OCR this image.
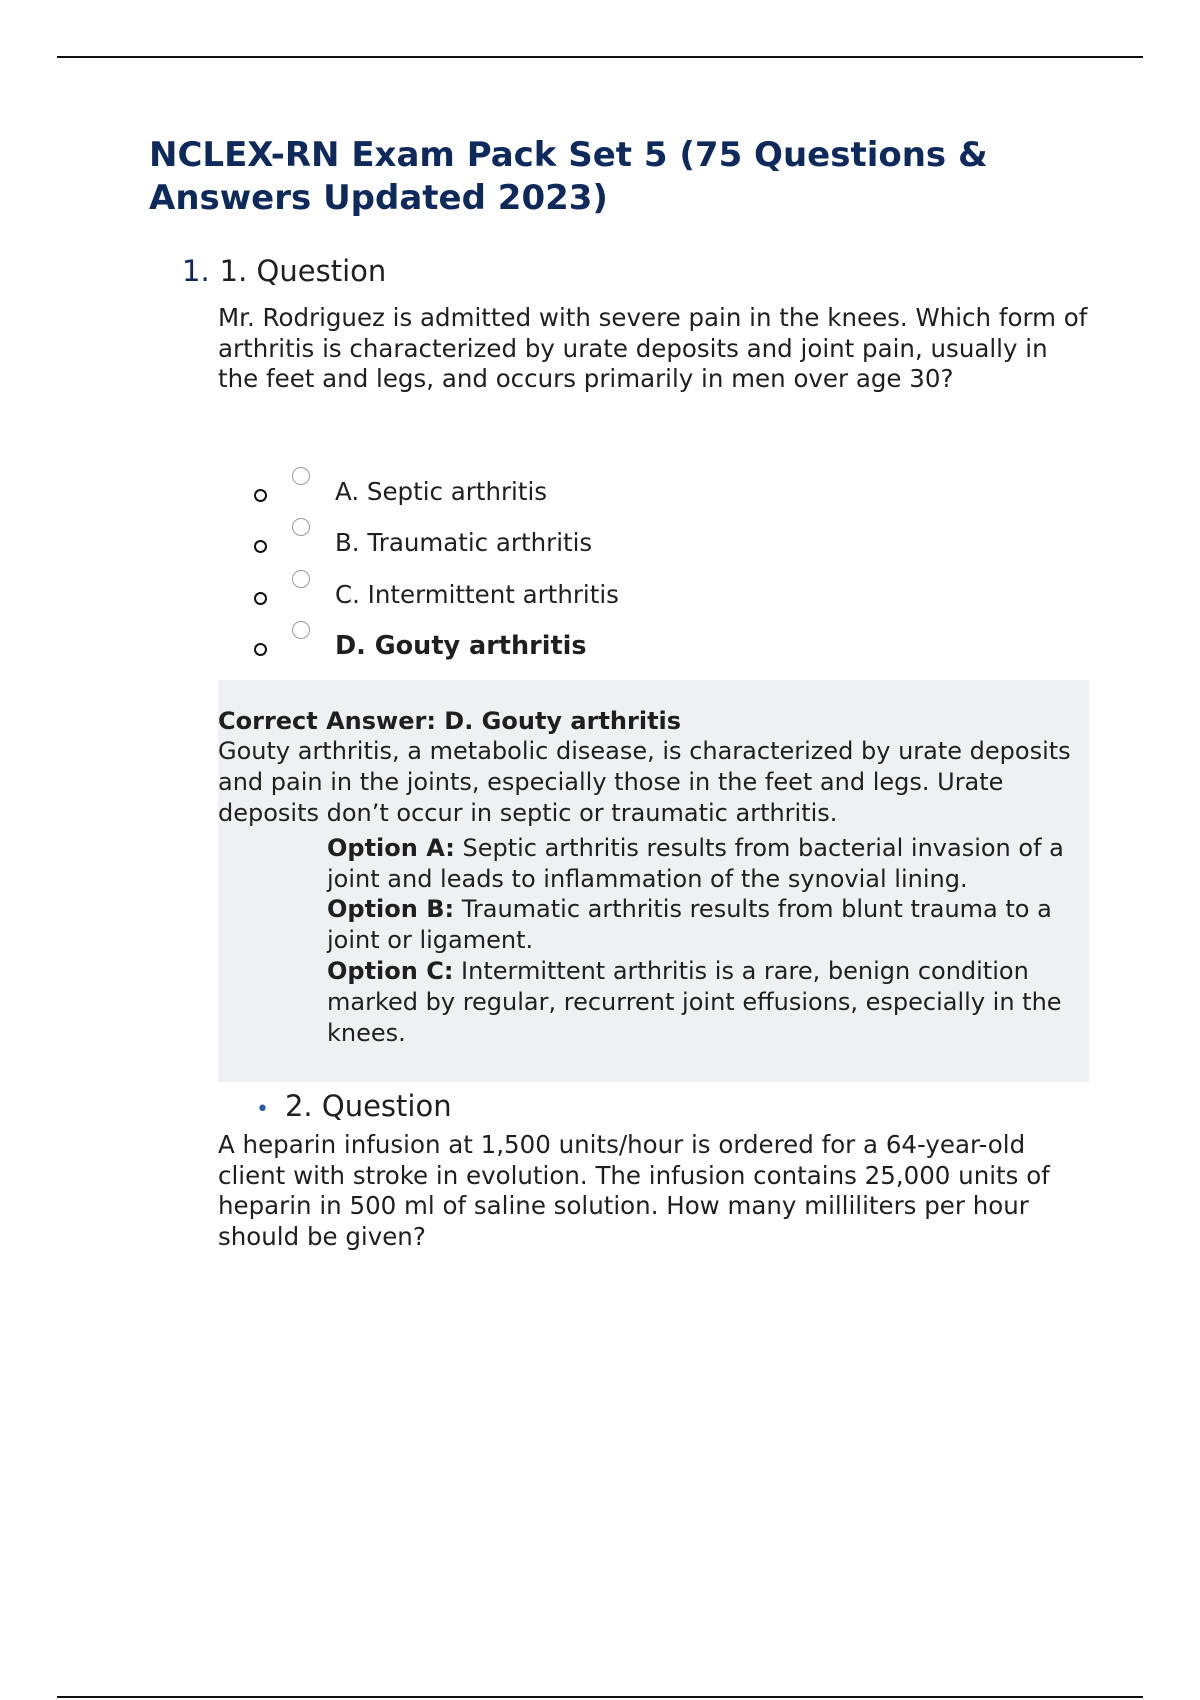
NCLEX-RN Exam Pack Set 5 (75 Questions & Answers Updated 2023)
1. 1. Question
Mr. Rodriguez is admitted with severe pain in the knees. Which form of arthritis is characterized by urate deposits and joint pain, usually in the feet and legs, and occurs primarily in men over age 30?
A. Septic arthritis
B. Traumatic arthritis
C. Intermittent arthritis
D. Gouty arthritis
Correct Answer: D. Gouty arthritis
Gouty arthritis, a metabolic disease, is characterized by urate deposits and pain in the joints, especially those in the feet and legs. Urate deposits don’t occur in septic or traumatic arthritis.
Option A: Septic arthritis results from bacterial invasion of a joint and leads to inflammation of the synovial lining.
Option B: Traumatic arthritis results from blunt trauma to a joint or ligament.
Option C: Intermittent arthritis is a rare, benign condition marked by regular, recurrent joint effusions, especially in the knees.
• 2. Question
A heparin infusion at 1,500 units/hour is ordered for a 64-year-old client with stroke in evolution. The infusion contains 25,000 units of heparin in 500 ml of saline solution. How many milliliters per hour should be given?
